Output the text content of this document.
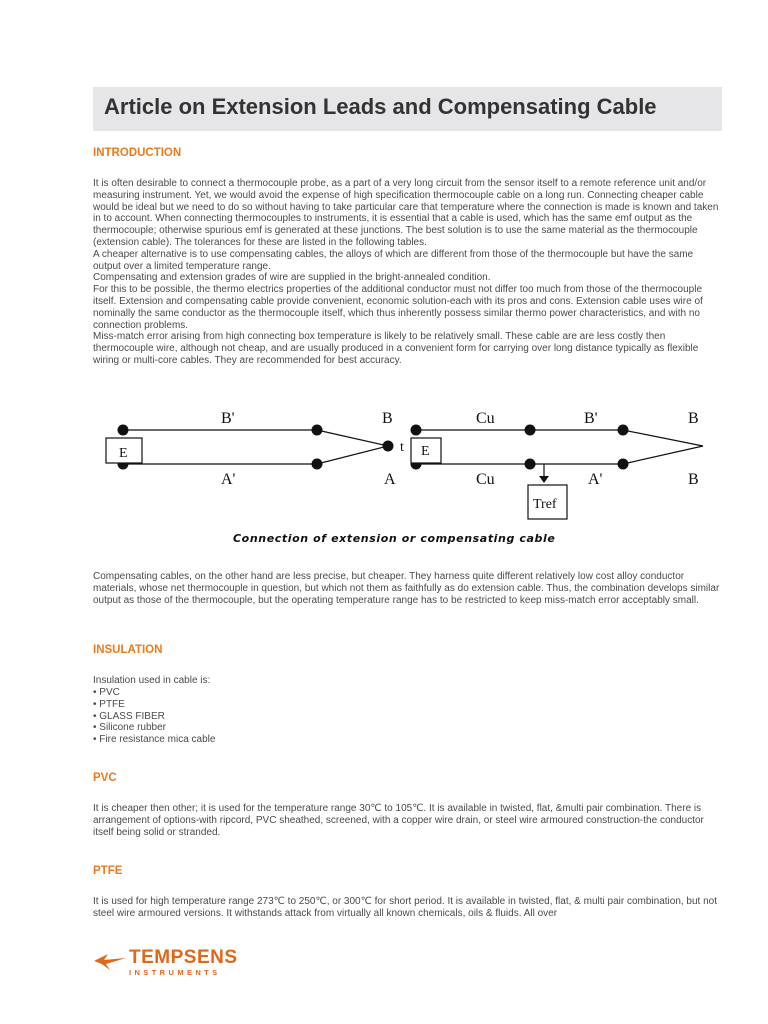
Article on Extension Leads and Compensating Cable
INTRODUCTION

It is often desirable to connect a thermocouple probe, as a part of a very long circuit from the sensor itself to a remote reference unit and/or measuring instrument. Yet, we would avoid the expense of high specification thermocouple cable on a long run. Connecting cheaper cable would be ideal but we need to do so without having to take particular care that temperature where the connection is made is known and taken in to account. When connecting thermocouples to instruments, it is essential that a cable is used, which has the same emf output as the thermocouple; otherwise spurious emf is generated at these junctions. The best solution is to use the same material as the thermocouple (extension cable). The tolerances for these are listed in the following tables.

A cheaper alternative is to use compensating cables, the alloys of which are different from those of the thermocouple but have the same output over a limited temperature range.

Compensating and extension grades of wire are supplied in the bright-annealed condition.

For this to be possible, the thermo electrics properties of the additional conductor must not differ too much from those of the thermocouple itself. Extension and compensating cable provide convenient, economic solution-each with its pros and cons. Extension cable uses wire of nominally the same conductor as the thermocouple itself, which thus inherently possess similar thermo power characteristics, and with no connection problems.

Miss-match error arising from high connecting box temperature is likely to be relatively small. These cable are are less costly then thermocouple wire, although not cheap, and are usually produced in a convenient form for carrying over long distance typically as flexible wiring or multi-core cables. They are recommended for best accuracy.

B'
A'
B
A
t
E	E
Cu
Cu
B'
A'
B
B
Tref
Connection of extension or compensating cable

Compensating cables, on the other hand are less precise, but cheaper. They harness quite different relatively low cost alloy conductor materials, whose net thermocouple in question, but which not them as faithfully as do extension cable. Thus, the combination develops similar output as those of the thermocouple, but the operating temperature range has to be restricted to keep miss-match error acceptably small.

INSULATION

Insulation used in cable is:

• PVC
• PTFE
• GLASS FIBER
• Silicone rubber
• Fire resistance mica cable
PVC

It is cheaper then other; it is used for the temperature range 30℃ to 105℃. It is available in twisted, flat, &multi pair combination. There is arrangement of options-with ripcord, PVC sheathed, screened, with a copper wire drain, or steel wire armoured construction-the conductor itself being solid or stranded.

PTFE

It is used for high temperature range 273℃ to 250℃, or 300℃ for short period. It is available in twisted, flat, & multi pair combination, but not steel wire armoured versions. It withstands attack from virtually all known chemicals, oils & fluids. All over

TEMPSENS
INSTRUMENTS
